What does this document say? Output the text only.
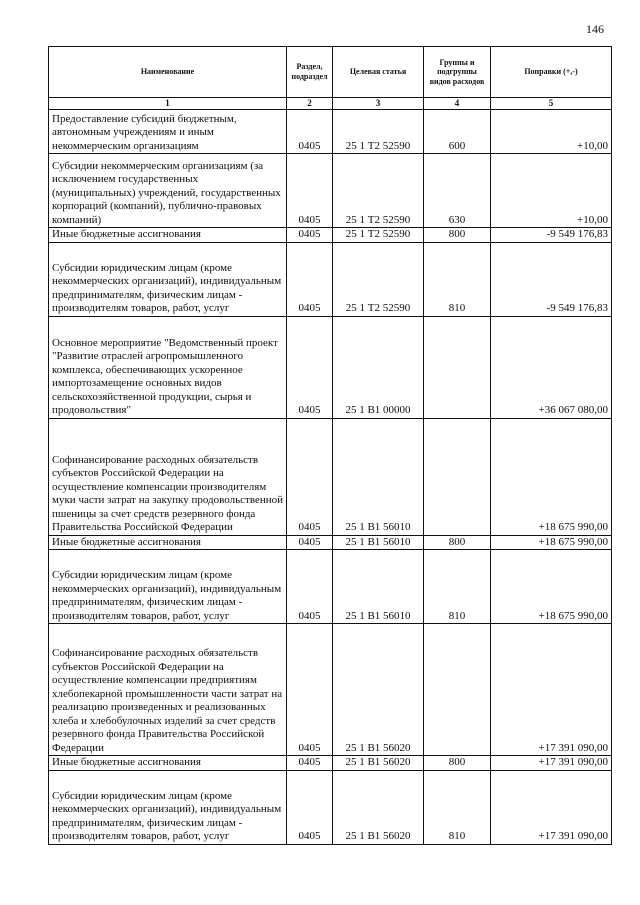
146
Наименование	Раздел, подраздел	Целевая статья	Группы и подгруппы видов расходов	Поправки (+,-)
1	2	3	4	5
Предоставление субсидий бюджетным, автономным учреждениям и иным некоммерческим организациям	0405	25 1 Т2 52590	600	+10,00
Субсидии некоммерческим организациям (за исключением государственных (муниципальных) учреждений, государственных корпораций (компаний), публично-правовых компаний)	0405	25 1 Т2 52590	630	+10,00
Иные бюджетные ассигнования	0405	25 1 Т2 52590	800	-9 549 176,83
Субсидии юридическим лицам (кроме некоммерческих организаций), индивидуальным предпринимателям, физическим лицам - производителям товаров, работ, услуг	0405	25 1 Т2 52590	810	-9 549 176,83
Основное мероприятие "Ведомственный проект "Развитие отраслей агропромышленного комплекса, обеспечивающих ускоренное импортозамещение основных видов сельскохозяйственной продукции, сырья и продовольствия"	0405	25 1 В1 00000		+36 067 080,00
Софинансирование расходных обязательств субъектов Российской Федерации на осуществление компенсации производителям муки части затрат на закупку продовольственной пшеницы за счет средств резервного фонда Правительства Российской Федерации	0405	25 1 В1 56010		+18 675 990,00
Иные бюджетные ассигнования	0405	25 1 В1 56010	800	+18 675 990,00
Субсидии юридическим лицам (кроме некоммерческих организаций), индивидуальным предпринимателям, физическим лицам - производителям товаров, работ, услуг	0405	25 1 В1 56010	810	+18 675 990,00
Софинансирование расходных обязательств субъектов Российской Федерации на осуществление компенсации предприятиям хлебопекарной промышленности части затрат на реализацию произведенных и реализованных хлеба и хлебобулочных изделий за счет средств резервного фонда Правительства Российской Федерации	0405	25 1 В1 56020		+17 391 090,00
Иные бюджетные ассигнования	0405	25 1 В1 56020	800	+17 391 090,00
Субсидии юридическим лицам (кроме некоммерческих организаций), индивидуальным предпринимателям, физическим лицам - производителям товаров, работ, услуг	0405	25 1 В1 56020	810	+17 391 090,00
